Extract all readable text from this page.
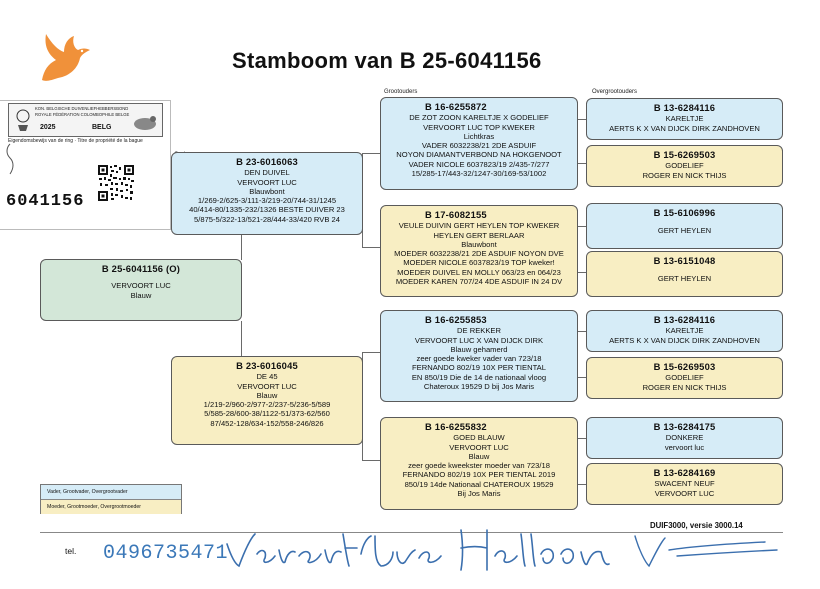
Stamboom van B 25-6041156
KON. BELGISCHE DUIVENLIEFHEBBERSBOND
ROYALE FÉDÉRATION COLOMBOPHILE BELGE
2025	BELG
Eigendomsbewijs van de ring · Titre de propriété de la bague
6041156
Grootouders	Overgrootouders
B 25-6041156 (O)
VERVOORT LUC
Blauw
B 23-6016063
DEN DUIVEL
VERVOORT LUC
Blauwbont
1/269-2/625-3/111-3/219-20/744-31/1245
40/414-80/1335-232/1326 BESTE DUIVER 23
5/875-5/322-13/521-28/444-33/420 RVB 24
B 23-6016045
DE 45
VERVOORT LUC
Blauw
1/219-2/960-2/977-2/237-5/236-5/589
5/585-28/600-38/1122-51/373-62/560
87/452-128/634-152/558-246/826
B 16-6255872
DE ZOT ZOON KARELTJE X GODELIEF
VERVOORT LUC TOP KWEKER
Lichtkras
VADER 6032238/21 2DE ASDUIF
NOYON DIAMANTVERBOND NA HOKGENOOT
VADER NICOLE 6037823/19 2/435-7/277
15/285-17/443-32/1247-30/169-53/1002
B 17-6082155
VEULE DUIVIN GERT HEYLEN TOP KWEKER
HEYLEN GERT BERLAAR
Blauwbont
MOEDER 6032238/21 2DE ASDUIF NOYON DVE
MOEDER NICOLE 6037823/19 TOP kweker!
MOEDER DUIVEL EN MOLLY 063/23 en 064/23
MOEDER KAREN 707/24 4DE ASDUIF IN 24 DV
B 16-6255853
DE REKKER
VERVOORT LUC X VAN DIJCK DIRK
Blauw gehamerd
zeer goede kweker vader van 723/18
FERNANDO 802/19 10X PER TIENTAL
EN 850/19 Die de 14 de nationaal vloog
Chateroux 19529 D bij Jos Maris
B 16-6255832
GOED BLAUW
VERVOORT LUC
Blauw
zeer goede kweekster moeder van 723/18
FERNANDO 802/19 10X PER TIENTAL 2019
850/19 14de Nationaal CHATEROUX 19529
Bij Jos Maris
B 13-6284116
KARELTJE
AERTS K X VAN DIJCK DIRK ZANDHOVEN
B 15-6269503
GODELIEF
ROGER EN NICK THIJS
B 15-6106996
GERT HEYLEN
B 13-6151048
GERT HEYLEN
B 13-6284116
KARELTJE
AERTS K X VAN DIJCK DIRK ZANDHOVEN
B 15-6269503
GODELIEF
ROGER EN NICK THIJS
B 13-6284175
DONKERE
vervoort luc
B 13-6284169
SWACENT NEUF
VERVOORT LUC
Vader, Grootvader, Overgrootvader
Moeder, Grootmoeder, Overgrootmoeder
DUIF3000, versie 3000.14
tel. 0496735471
